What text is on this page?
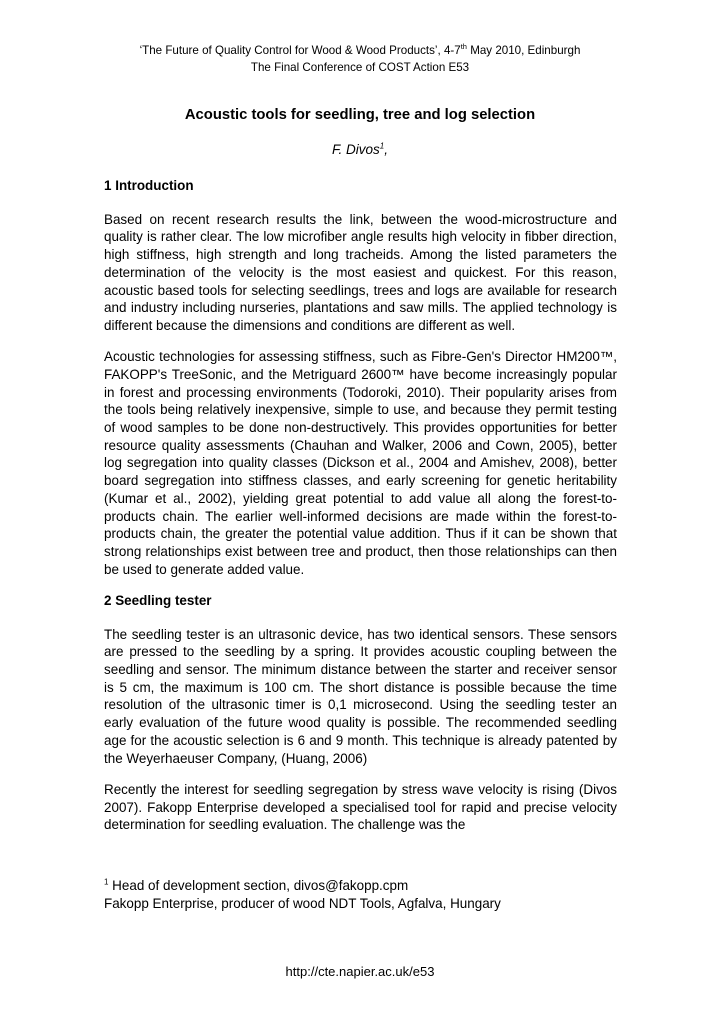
‘The Future of Quality Control for Wood & Wood Products’, 4-7th May 2010, Edinburgh
The Final Conference of COST Action E53
Acoustic tools for seedling, tree and log selection
F. Divos$^1$,
1 Introduction

Based on recent research results the link, between the wood-microstructure and quality is rather clear. The low microfiber angle results high velocity in fibber direction, high stiffness, high strength and long tracheids. Among the listed parameters the determination of the velocity is the most easiest and quickest. For this reason, acoustic based tools for selecting seedlings, trees and logs are available for research and industry including nurseries, plantations and saw mills. The applied technology is different because the dimensions and conditions are different as well.

Acoustic technologies for assessing stiffness, such as Fibre-Gen's Director HM200™, FAKOPP's TreeSonic, and the Metriguard 2600™ have become increasingly popular in forest and processing environments (Todoroki, 2010). Their popularity arises from the tools being relatively inexpensive, simple to use, and because they permit testing of wood samples to be done non-destructively. This provides opportunities for better resource quality assessments (Chauhan and Walker, 2006 and Cown, 2005), better log segregation into quality classes (Dickson et al., 2004 and Amishev, 2008), better board segregation into stiffness classes, and early screening for genetic heritability (Kumar et al., 2002), yielding great potential to add value all along the forest-to-products chain. The earlier well-informed decisions are made within the forest-to-products chain, the greater the potential value addition. Thus if it can be shown that strong relationships exist between tree and product, then those relationships can then be used to generate added value.

2 Seedling tester

The seedling tester is an ultrasonic device, has two identical sensors. These sensors are pressed to the seedling by a spring. It provides acoustic coupling between the seedling and sensor. The minimum distance between the starter and receiver sensor is 5 cm, the maximum is 100 cm. The short distance is possible because the time resolution of the ultrasonic timer is 0,1 microsecond. Using the seedling tester an early evaluation of the future wood quality is possible. The recommended seedling age for the acoustic selection is 6 and 9 month. This technique is already patented by the Weyerhaeuser Company, (Huang, 2006)

Recently the interest for seedling segregation by stress wave velocity is rising (Divos 2007). Fakopp Enterprise developed a specialised tool for rapid and precise velocity determination for seedling evaluation. The challenge was the

$^1$ Head of development section, divos@fakopp.cpm
Fakopp Enterprise, producer of wood NDT Tools, Agfalva, Hungary
http://cte.napier.ac.uk/e53
